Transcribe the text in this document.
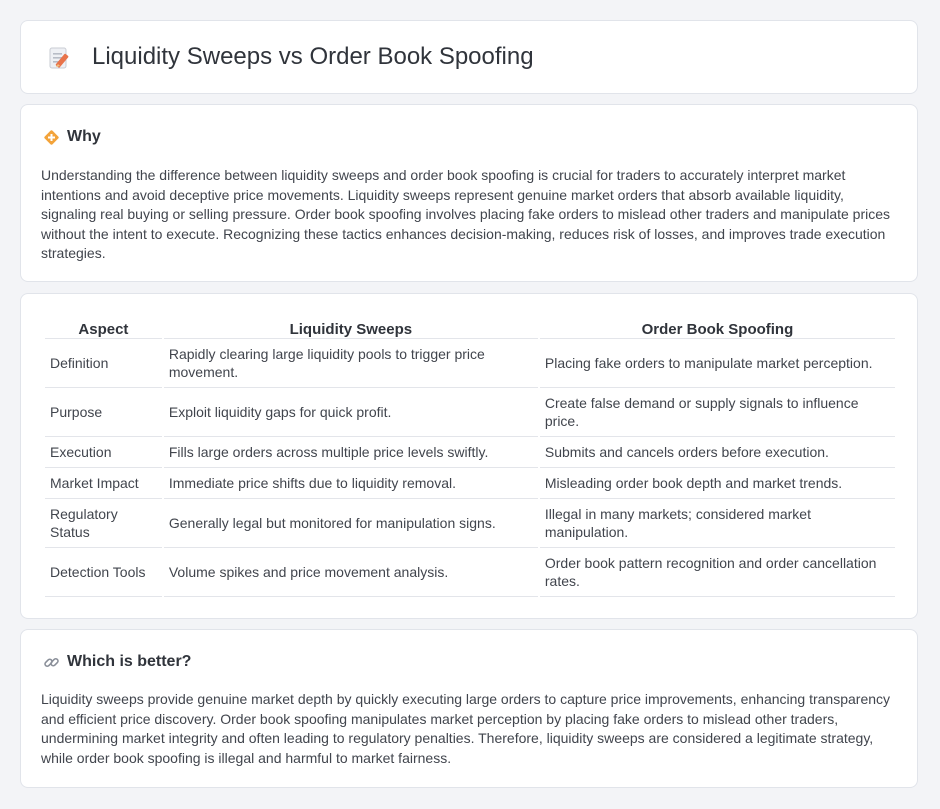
Liquidity Sweeps vs Order Book Spoofing
Why

Understanding the difference between liquidity sweeps and order book spoofing is crucial for traders to accurately interpret market intentions and avoid deceptive price movements. Liquidity sweeps represent genuine market orders that absorb available liquidity, signaling real buying or selling pressure. Order book spoofing involves placing fake orders to mislead other traders and manipulate prices without the intent to execute. Recognizing these tactics enhances decision-making, reduces risk of losses, and improves trade execution strategies.

Aspect	Liquidity Sweeps	Order Book Spoofing
Definition	Rapidly clearing large liquidity pools to trigger price movement.	Placing fake orders to manipulate market perception.
Purpose	Exploit liquidity gaps for quick profit.	Create false demand or supply signals to influence price.
Execution	Fills large orders across multiple price levels swiftly.	Submits and cancels orders before execution.
Market Impact	Immediate price shifts due to liquidity removal.	Misleading order book depth and market trends.
Regulatory Status	Generally legal but monitored for manipulation signs.	Illegal in many markets; considered market manipulation.
Detection Tools	Volume spikes and price movement analysis.	Order book pattern recognition and order cancellation rates.
Which is better?

Liquidity sweeps provide genuine market depth by quickly executing large orders to capture price improvements, enhancing transparency and efficient price discovery. Order book spoofing manipulates market perception by placing fake orders to mislead other traders, undermining market integrity and often leading to regulatory penalties. Therefore, liquidity sweeps are considered a legitimate strategy, while order book spoofing is illegal and harmful to market fairness.
